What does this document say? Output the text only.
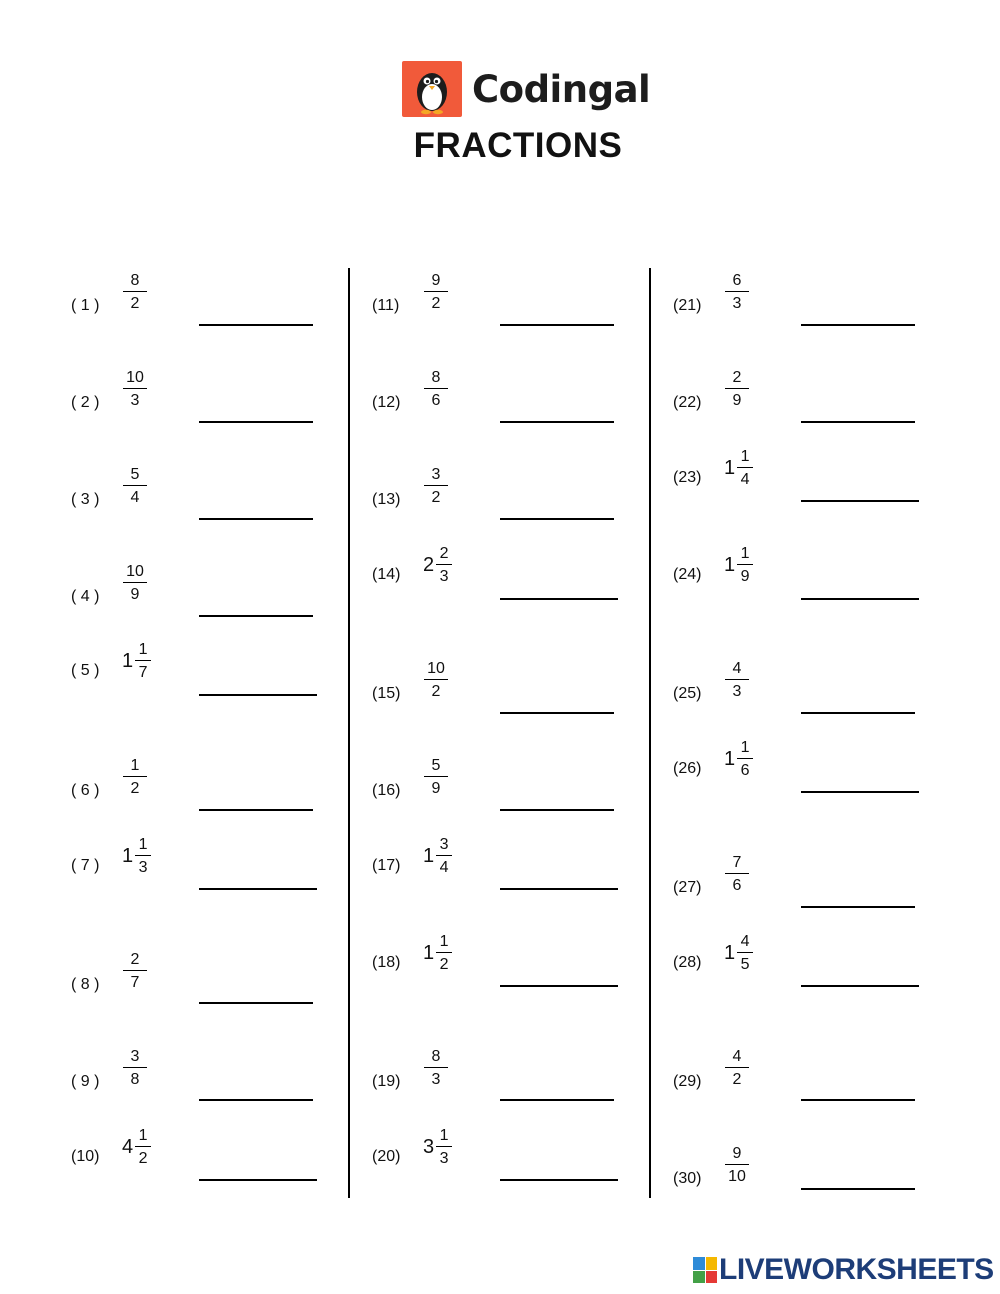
Codingal
FRACTIONS
( 1 )
8
2
( 2 )
10
3
( 3 )
5
4
( 4 )
10
9
( 5 ) $1 \frac{1}{7}$
( 6 )
1
2
( 7 ) $1 \frac{1}{3}$
( 8 )
2
7
( 9 )
3
8
(10) $4 \frac{1}{2}$
(11)
9
2
(12)
8
6
(13)
3
2
(14) $2 \frac{2}{3}$
(15)
10
2
(16)
5
9
(17) $1 \frac{3}{4}$
(18) $1 \frac{1}{2}$
(19)
8
3
(20) $3 \frac{1}{3}$
(21)
6
3
(22)
2
9
(23) $1 \frac{1}{4}$
(24) $1 \frac{1}{9}$
(25)
4
3
(26) $1 \frac{1}{6}$
(27)
7
6
(28) $1 \frac{4}{5}$
(29)
4
2
(30)
9
10
LIVEWORKSHEETS
